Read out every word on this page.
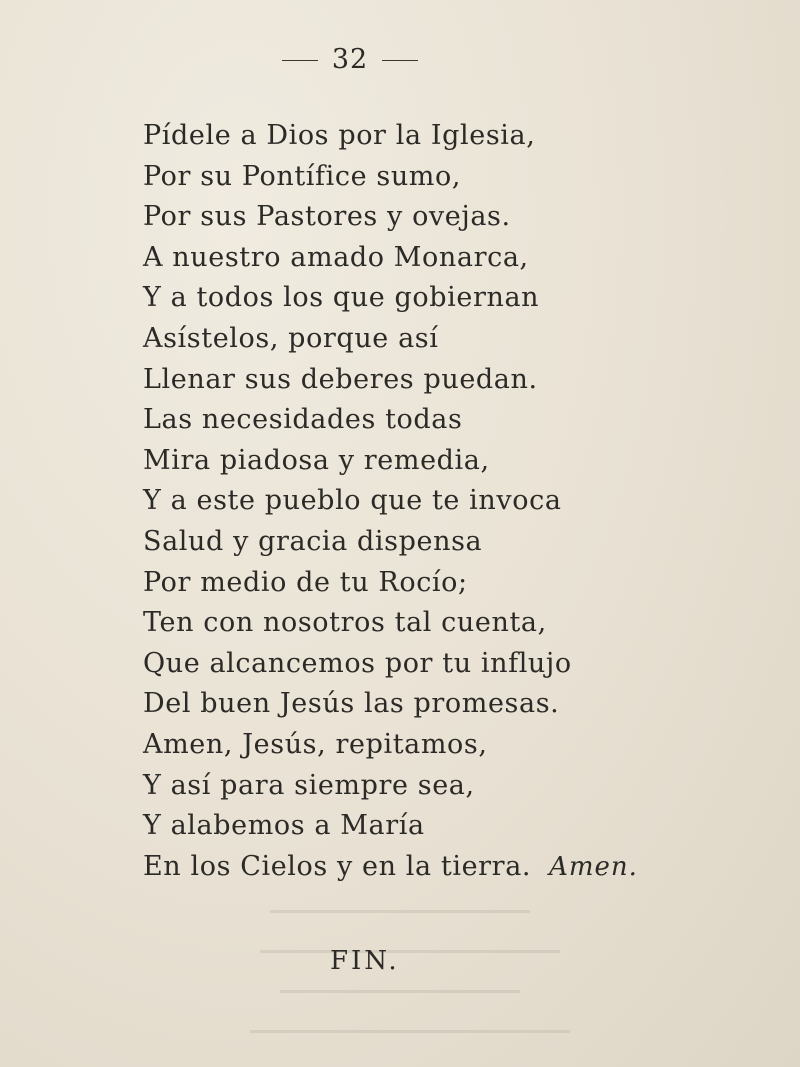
32
Pídele a Dios por la Iglesia,
Por su Pontífice sumo,
Por sus Pastores y ovejas.
A nuestro amado Monarca,
Y a todos los que gobiernan
Asístelos, porque así
Llenar sus deberes puedan.
Las necesidades todas
Mira piadosa y remedia,
Y a este pueblo que te invoca
Salud y gracia dispensa
Por medio de tu Rocío;
Ten con nosotros tal cuenta,
Que alcancemos por tu influjo
Del buen Jesús las promesas.
Amen, Jesús, repitamos,
Y así para siempre sea,
Y alabemos a María
En los Cielos y en la tierra. Amen.
FIN.
